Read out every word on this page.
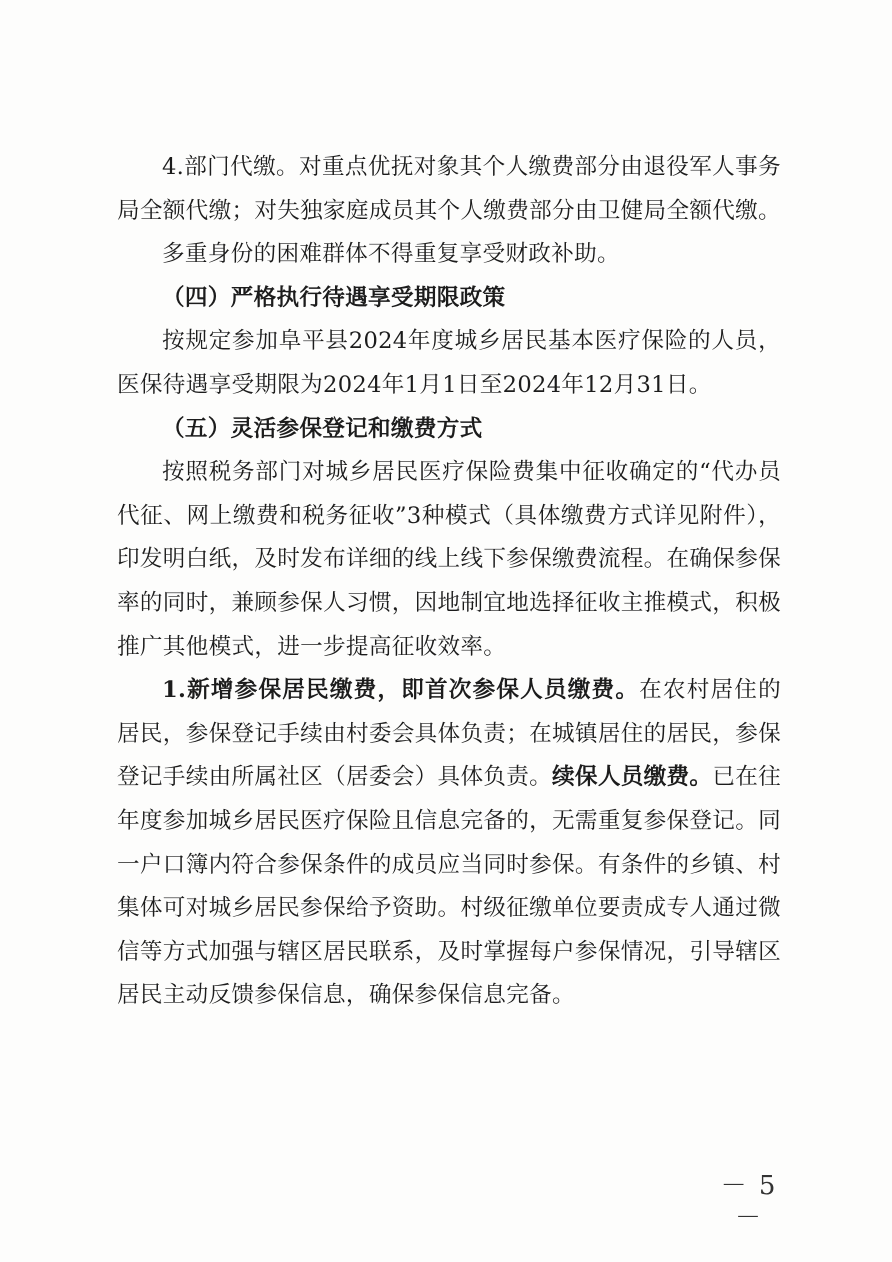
4.部门代缴。对重点优抚对象其个人缴费部分由退役军人事务局全额代缴；对失独家庭成员其个人缴费部分由卫健局全额代缴。

多重身份的困难群体不得重复享受财政补助。

（四）严格执行待遇享受期限政策

按规定参加阜平县2024年度城乡居民基本医疗保险的人员，医保待遇享受期限为2024年1月1日至2024年12月31日。

（五）灵活参保登记和缴费方式

按照税务部门对城乡居民医疗保险费集中征收确定的“代办员代征、网上缴费和税务征收”3种模式（具体缴费方式详见附件），印发明白纸，及时发布详细的线上线下参保缴费流程。在确保参保率的同时，兼顾参保人习惯，因地制宜地选择征收主推模式，积极推广其他模式，进一步提高征收效率。

1.新增参保居民缴费，即首次参保人员缴费。在农村居住的居民，参保登记手续由村委会具体负责；在城镇居住的居民，参保登记手续由所属社区（居委会）具体负责。续保人员缴费。已在往年度参加城乡居民医疗保险且信息完备的，无需重复参保登记。同一户口簿内符合参保条件的成员应当同时参保。有条件的乡镇、村集体可对城乡居民参保给予资助。村级征缴单位要责成专人通过微信等方式加强与辖区居民联系，及时掌握每户参保情况，引导辖区居民主动反馈参保信息，确保参保信息完备。

－ 5 －
